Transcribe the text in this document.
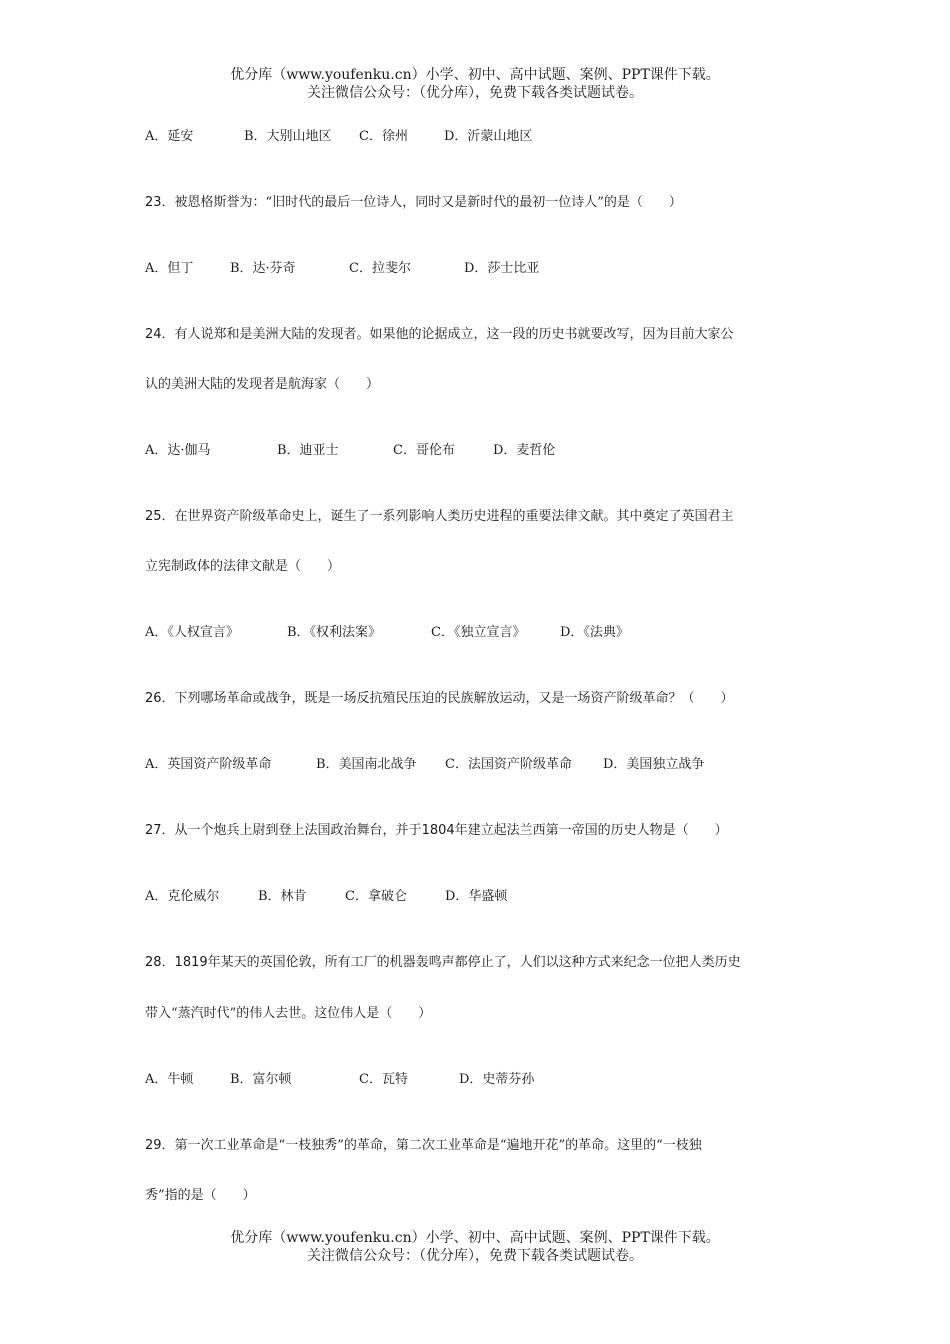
优分库（www.youfenku.cn）小学、初中、高中试题、案例、PPT课件下载。
关注微信公众号：（优分库），免费下载各类试题试卷。
A．延安	B．大别山地区 C．徐州	D．沂蒙山地区
23．被恩格斯誉为：“旧时代的最后一位诗人，同时又是新时代的最初一位诗人”的是（　　）
A．但丁	B．达·芬奇	C．拉斐尔	D．莎士比亚
24．有人说郑和是美洲大陆的发现者。如果他的论据成立，这一段的历史书就要改写，因为目前大家公
认的美洲大陆的发现者是航海家（　　）
A．达·伽马	B．迪亚士	C．哥伦布	D．麦哲伦
25．在世界资产阶级革命史上，诞生了一系列影响人类历史进程的重要法律文献。其中奠定了英国君主
立宪制政体的法律文献是（　　）
A．《人权宣言》	B．《权利法案》	C．《独立宣言》	D．《法典》
26．下列哪场革命或战争，既是一场反抗殖民压迫的民族解放运动，又是一场资产阶级革命？（　　）
A．英国资产阶级革命	B．美国南北战争 C．法国资产阶级革命 D．美国独立战争
27．从一个炮兵上尉到登上法国政治舞台，并于1804年建立起法兰西第一帝国的历史人物是（　　）
A．克伦威尔	B．林肯	C．拿破仑	D．华盛顿
28．1819年某天的英国伦敦，所有工厂的机器轰鸣声都停止了，人们以这种方式来纪念一位把人类历史
带入“蒸汽时代”的伟人去世。这位伟人是（　　）
A．牛顿	B．富尔顿	C．瓦特	D．史蒂芬孙
29．第一次工业革命是“一枝独秀”的革命，第二次工业革命是“遍地开花”的革命。这里的“一枝独
秀”指的是（　　）
优分库（www.youfenku.cn）小学、初中、高中试题、案例、PPT课件下载。
关注微信公众号：（优分库），免费下载各类试题试卷。
